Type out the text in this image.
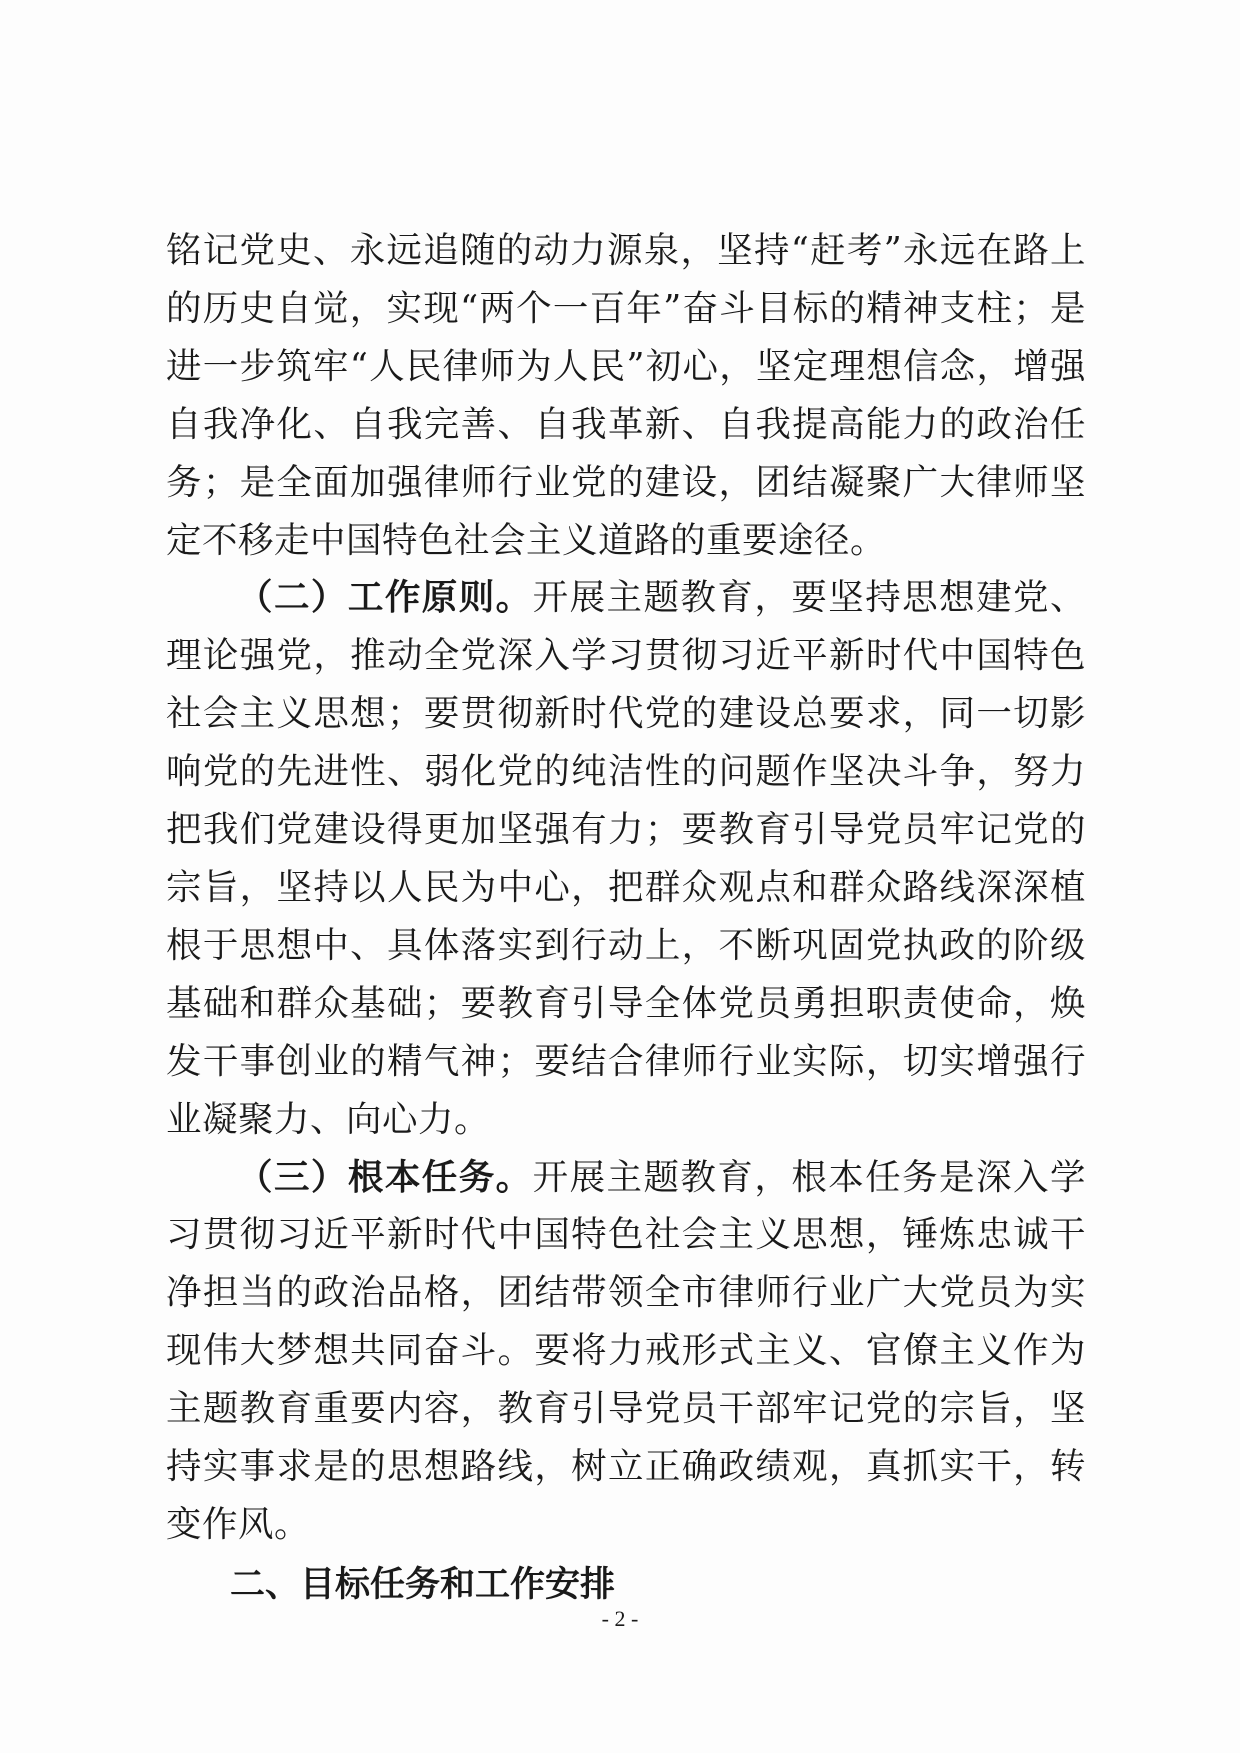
铭记党史、永远追随的动力源泉，坚持“赶考”永远在路上的历史自觉，实现“两个一百年”奋斗目标的精神支柱；是进一步筑牢“人民律师为人民”初心，坚定理想信念，增强自我净化、自我完善、自我革新、自我提高能力的政治任务；是全面加强律师行业党的建设，团结凝聚广大律师坚定不移走中国特色社会主义道路的重要途径。

（二）工作原则。开展主题教育，要坚持思想建党、理论强党，推动全党深入学习贯彻习近平新时代中国特色社会主义思想；要贯彻新时代党的建设总要求，同一切影响党的先进性、弱化党的纯洁性的问题作坚决斗争，努力把我们党建设得更加坚强有力；要教育引导党员牢记党的宗旨，坚持以人民为中心，把群众观点和群众路线深深植根于思想中、具体落实到行动上，不断巩固党执政的阶级基础和群众基础；要教育引导全体党员勇担职责使命，焕发干事创业的精气神；要结合律师行业实际，切实增强行业凝聚力、向心力。

（三）根本任务。开展主题教育，根本任务是深入学习贯彻习近平新时代中国特色社会主义思想，锤炼忠诚干净担当的政治品格，团结带领全市律师行业广大党员为实现伟大梦想共同奋斗。要将力戒形式主义、官僚主义作为主题教育重要内容，教育引导党员干部牢记党的宗旨，坚持实事求是的思想路线，树立正确政绩观，真抓实干，转变作风。

二、目标任务和工作安排

- 2 -
